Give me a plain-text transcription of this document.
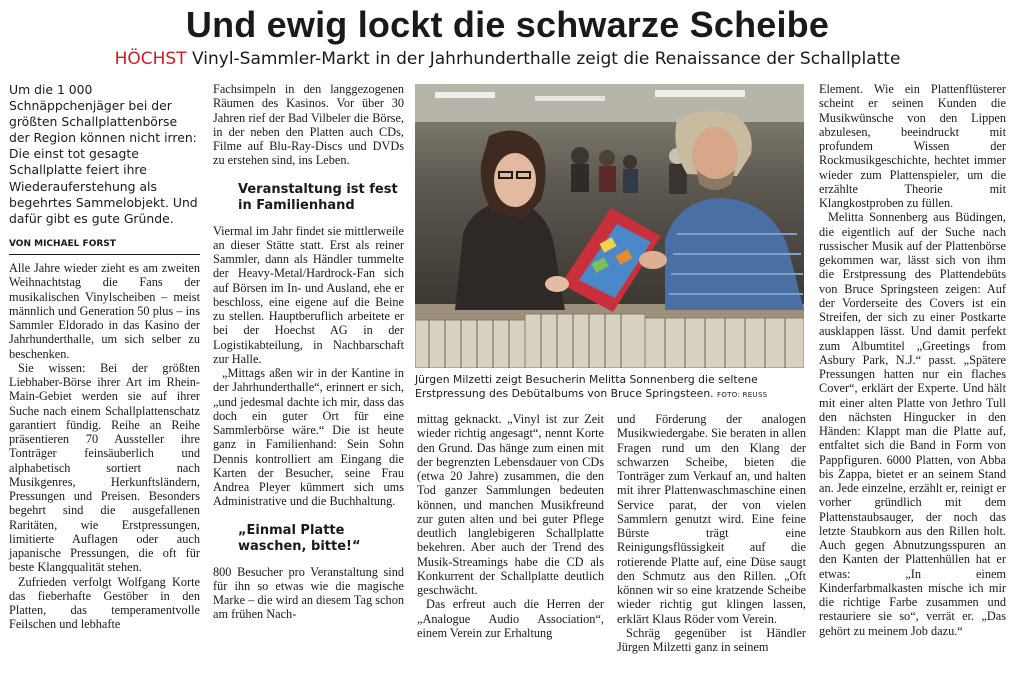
Und ewig lockt die schwarze Scheibe
HÖCHST Vinyl-Sammler-Markt in der Jahrhunderthalle zeigt die Renaissance der Schallplatte
Um die 1 000 Schnäppchenjäger bei der größten Schallplattenbörse der Region können nicht irren: Die einst tot gesagte Schallplatte feiert ihre Wiederauferstehung als begehrtes Sammelobjekt. Und dafür gibt es gute Gründe.
VON MICHAEL FORST

Alle Jahre wieder zieht es am zweiten Weihnachtstag die Fans der musikalischen Vinylscheiben – meist männlich und Generation 50 plus – ins Sammler Eldorado in das Kasino der Jahrhunderthalle, um sich selber zu beschenken.

Sie wissen: Bei der größten Liebhaber-Börse ihrer Art im Rhein-Main-Gebiet werden sie auf ihrer Suche nach einem Schallplattenschatz garantiert fündig. Reihe an Reihe präsentieren 70 Aussteller ihre Tonträger feinsäuberlich und alphabetisch sortiert nach Musikgenres, Herkunftsländern, Pressungen und Preisen. Besonders begehrt sind die ausgefallenen Raritäten, wie Erstpressungen, limitierte Auflagen oder auch japanische Pressungen, die oft für beste Klangqualität stehen.

Zufrieden verfolgt Wolfgang Korte das fieberhafte Gestöber in den Platten, das temperamentvolle Feilschen und lebhafte

Fachsimpeln in den langgezogenen Räumen des Kasinos. Vor über 30 Jahren rief der Bad Vilbeler die Börse, in der neben den Platten auch CDs, Filme auf Blu-Ray-Discs und DVDs zu erstehen sind, ins Leben.

Veranstaltung ist fest in Familienhand

Viermal im Jahr findet sie mittlerweile an dieser Stätte statt. Erst als reiner Sammler, dann als Händler tummelte der Heavy-Metal/Hardrock-Fan sich auf Börsen im In- und Ausland, ehe er beschloss, eine eigene auf die Beine zu stellen. Hauptberuflich arbeitete er bei der Hoechst AG in der Logistikabteilung, in Nachbarschaft zur Halle.

„Mittags aßen wir in der Kantine in der Jahrhunderthalle“, erinnert er sich, „und jedesmal dachte ich mir, dass das doch ein guter Ort für eine Sammlerbörse wäre.“ Die ist heute ganz in Familienhand: Sein Sohn Dennis kontrolliert am Eingang die Karten der Besucher, seine Frau Andrea Pleyer kümmert sich ums Administrative und die Buchhaltung.

„Einmal Platte waschen, bitte!“

800 Besucher pro Veranstaltung sind für ihn so etwas wie die magische Marke – die wird an diesem Tag schon am frühen Nach-

Jürgen Milzetti zeigt Besucherin Melitta Sonnenberg die seltene Erstpressung des Debütalbums von Bruce Springsteen. FOTO: REUSS

mittag geknackt. „Vinyl ist zur Zeit wieder richtig angesagt“, nennt Korte den Grund. Das hänge zum einen mit der begrenzten Lebensdauer von CDs (etwa 20 Jahre) zusammen, die den Tod ganzer Sammlungen bedeuten können, und manchen Musikfreund zur guten alten und bei guter Pflege deutlich langlebigeren Schallplatte bekehren. Aber auch der Trend des Musik-Streamings habe die CD als Konkurrent der Schallplatte deutlich geschwächt.

Das erfreut auch die Herren der „Analogue Audio Association“, einem Verein zur Erhaltung

und Förderung der analogen Musikwiedergabe. Sie beraten in allen Fragen rund um den Klang der schwarzen Scheibe, bieten die Tonträger zum Verkauf an, und halten mit ihrer Plattenwaschmaschine einen Service parat, der von vielen Sammlern genutzt wird. Eine feine Bürste trägt eine Reinigungsflüssigkeit auf die rotierende Platte auf, eine Düse saugt den Schmutz aus den Rillen. „Oft können wir so eine kratzende Scheibe wieder richtig gut klingen lassen, erklärt Klaus Röder vom Verein.

Schräg gegenüber ist Händler Jürgen Milzetti ganz in seinem

Element. Wie ein Plattenflüsterer scheint er seinen Kunden die Musikwünsche von den Lippen abzulesen, beeindruckt mit profundem Wissen der Rockmusikgeschichte, hechtet immer wieder zum Plattenspieler, um die erzählte Theorie mit Klangkostproben zu füllen.

Melitta Sonnenberg aus Büdingen, die eigentlich auf der Suche nach russischer Musik auf der Plattenbörse gekommen war, lässt sich von ihm die Erstpressung des Plattendebüts von Bruce Springsteen zeigen: Auf der Vorderseite des Covers ist ein Streifen, der sich zu einer Postkarte ausklappen lässt. Und damit perfekt zum Albumtitel „Greetings from Asbury Park, N.J.“ passt. „Spätere Pressungen hatten nur ein flaches Cover“, erklärt der Experte. Und hält mit einer alten Platte von Jethro Tull den nächsten Hingucker in den Händen: Klappt man die Platte auf, entfaltet sich die Band in Form von Pappfiguren. 6000 Platten, von Abba bis Zappa, bietet er an seinem Stand an. Jede einzelne, erzählt er, reinigt er vorher gründlich mit dem Plattenstaubsauger, der noch das letzte Staubkorn aus den Rillen holt. Auch gegen Abnutzungsspuren an den Kanten der Plattenhüllen hat er etwas: „In einem Kinderfarbmalkasten mische ich mir die richtige Farbe zusammen und restauriere sie so“, verrät er. „Das gehört zu meinem Job dazu.“
